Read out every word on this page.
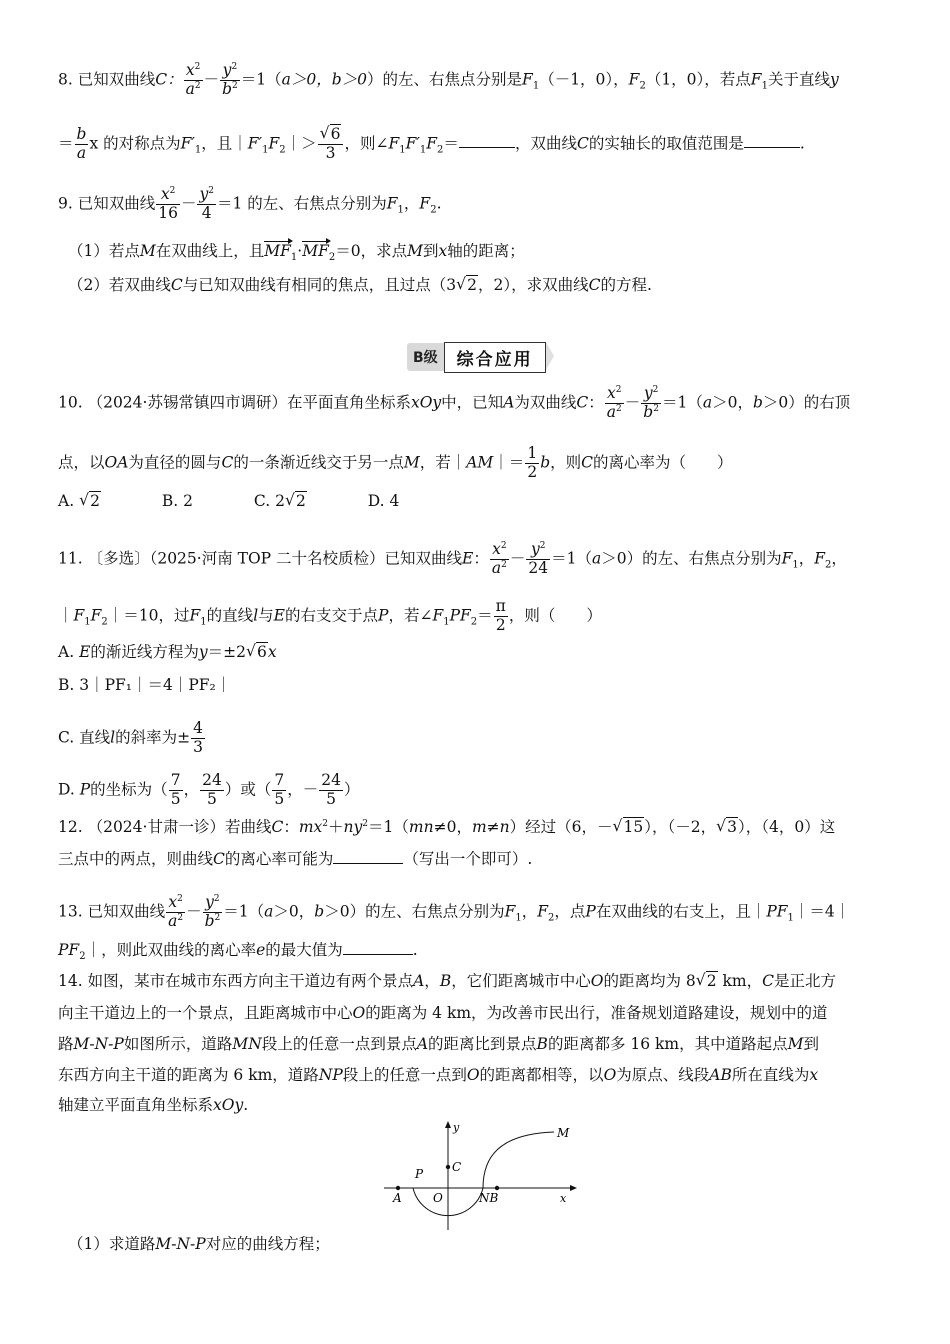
8. 已知双曲线C： $\frac{x^2}{a^2} - \frac{y^2}{b^2} =1(a>0$，b＞0）的左、右焦点分别是$F_1(-1$，0），$F_2(1$，0），若点$F_1$关于直线y
＝ $\frac{b}{a}$ x 的对称点为$F'_1$，且$|F'_1F_2|>$ √ $\frac{6}{3}$ ，则$\angle F_1F'_1F_2=$	，双曲线C的实轴长的取值范围是	.
9. 已知双曲线 $\frac{x^2}{16} - \frac{y^2}{4} =1$ 的左、右焦点分别为$F_1$，$F_2$.
（1）若点M在双曲线上，且$MF_1\cdot MF_2=0$，求点M到x轴的距离；
（2）若双曲线C与已知双曲线有相同的焦点，且过点（3 √ 2，2），求双曲线C的方程.
B级	综合应用
10. （2024·苏锡常镇四市调研）在平面直角坐标系xOy中，已知A为双曲线C： $\frac{x^2}{a^2} - \frac{y^2}{b^2} =1(a>0$，b＞0）的右顶
点，以OA为直径的圆与C的一条渐近线交于另一点M，若｜AM｜＝ $\frac{1}{2}$ b，则C的离心率为（　　）
A. √ 2	B. 2	C. 2 √ 2	D. 4
11. 〔多选〕（2025·河南 TOP 二十名校质检）已知双曲线E： $\frac{x^2}{a^2} - \frac{y^2}{24} =1(a>0)$的左、右焦点分别为$F_1$，$F_2$，
$|F_1F_2|=10$，过$F_1$的直线l与E的右支交于点P，若$\angle F_1PF_2= \frac{\pi}{2}$ ，则（　　）
A. E的渐近线方程为y＝±2 √ 6x
B. 3｜PF₁｜＝4｜PF₂｜
C. 直线l的斜率为± $\frac{4}{3}$
D. P的坐标为（ $\frac{7}{5}$ ， $\frac{24}{5}$ ）或（ $\frac{7}{5}$ ，－ $\frac{24}{5}$ ）
12. （2024·甘肃一诊）若曲线C：$mx^2+ny^2=1(mn\ne 0$，m≠n）经过（6，－ √ 15），（－2， √ 3），（4，0）这
三点中的两点，则曲线C的离心率可能为	（写出一个即可）.
13. 已知双曲线 $\frac{x^2}{a^2} - \frac{y^2}{b^2} =1(a>0$，b＞0）的左、右焦点分别为$F_1$，$F_2$，点P在双曲线的右支上，且$|PF_1|=4|$
$PF_2|$，则此双曲线的离心率e的最大值为	.
14. 如图，某市在城市东西方向主干道边有两个景点A，B，它们距离城市中心O的距离均为 8 √ 2 km，C是正北方
向主干道边上的一个景点，且距离城市中心O的距离为 4 km，为改善市民出行，准备规划道路建设，规划中的道
路M-N-P如图所示，道路MN段上的任意一点到景点A的距离比到景点B的距离都多 16 km，其中道路起点M到
东西方向主干道的距离为 6 km，道路NP段上的任意一点到O的距离都相等，以O为原点、线段AB所在直线为x
轴建立平面直角坐标系xOy.
y
x
M
P C
A	O	NB
（1）求道路M-N-P对应的曲线方程；
